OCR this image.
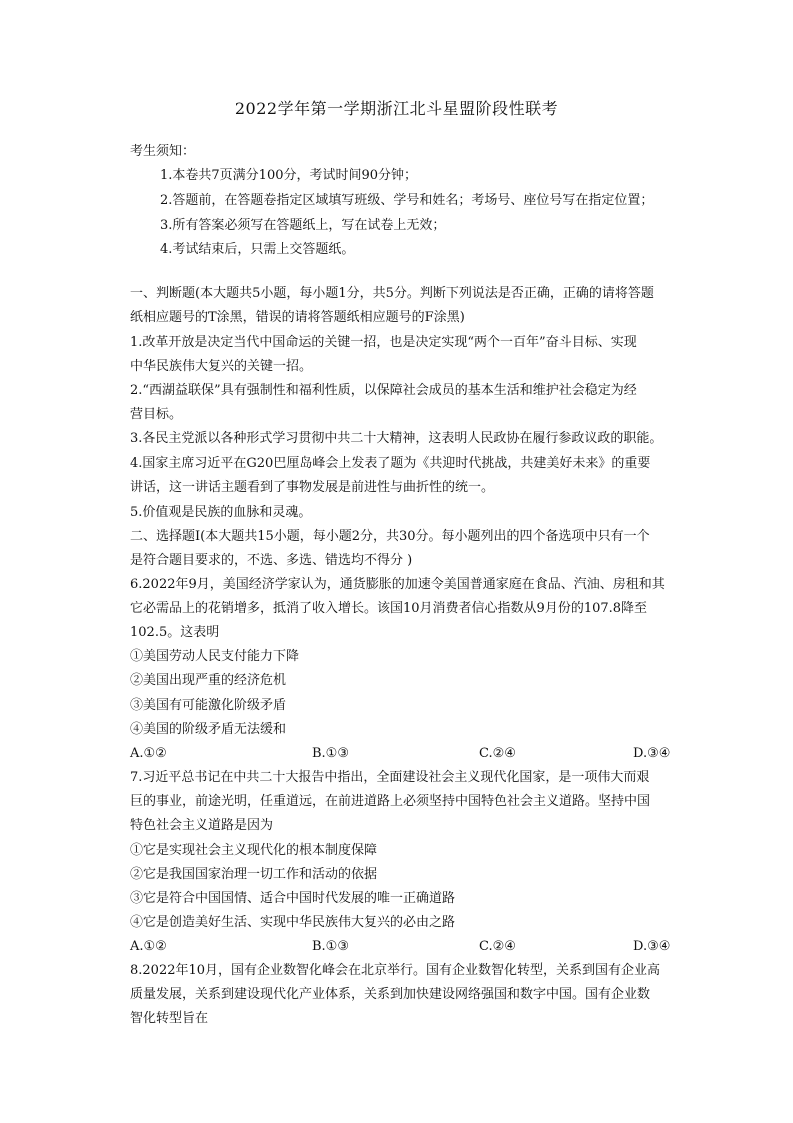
2022学年第一学期浙江北斗星盟阶段性联考
考生须知：
1.本卷共7页满分100分，考试时间90分钟；
2.答题前，在答题卷指定区域填写班级、学号和姓名；考场号、座位号写在指定位置；
3.所有答案必须写在答题纸上，写在试卷上无效；
4.考试结束后，只需上交答题纸。
一、判断题(本大题共5小题，每小题1分，共5分。判断下列说法是否正确，正确的请将答题
纸相应题号的T涂黑，错误的请将答题纸相应题号的F涂黑)
1.改革开放是决定当代中国命运的关键一招，也是决定实现“两个一百年”奋斗目标、实现
中华民族伟大复兴的关键一招。
2.“西湖益联保”具有强制性和福利性质，以保障社会成员的基本生活和维护社会稳定为经
营目标。
3.各民主党派以各种形式学习贯彻中共二十大精神，这表明人民政协在履行参政议政的职能。
4.国家主席习近平在G20巴厘岛峰会上发表了题为《共迎时代挑战，共建美好未来》的重要
讲话，这一讲话主题看到了事物发展是前进性与曲折性的统一。
5.价值观是民族的血脉和灵魂。
二、选择题Ⅰ(本大题共15小题，每小题2分，共30分。每小题列出的四个备选项中只有一个
是符合题目要求的，不选、多选、错选均不得分 )
6.2022年9月，美国经济学家认为，通货膨胀的加速令美国普通家庭在食品、汽油、房租和其
它必需品上的花销增多，抵消了收入增长。该国10月消费者信心指数从9月份的107.8降至
102.5。这表明
①美国劳动人民支付能力下降
②美国出现严重的经济危机
③美国有可能激化阶级矛盾
④美国的阶级矛盾无法缓和
A.①②	B.①③	C.②④	D.③④
7.习近平总书记在中共二十大报告中指出，全面建设社会主义现代化国家，是一项伟大而艰
巨的事业，前途光明，任重道远，在前进道路上必须坚持中国特色社会主义道路。坚持中国
特色社会主义道路是因为
①它是实现社会主义现代化的根本制度保障
②它是我国国家治理一切工作和活动的依据
③它是符合中国国情、适合中国时代发展的唯一正确道路
④它是创造美好生活、实现中华民族伟大复兴的必由之路
A.①②	B.①③	C.②④	D.③④
8.2022年10月，国有企业数智化峰会在北京举行。国有企业数智化转型，关系到国有企业高
质量发展，关系到建设现代化产业体系，关系到加快建设网络强国和数字中国。国有企业数
智化转型旨在
